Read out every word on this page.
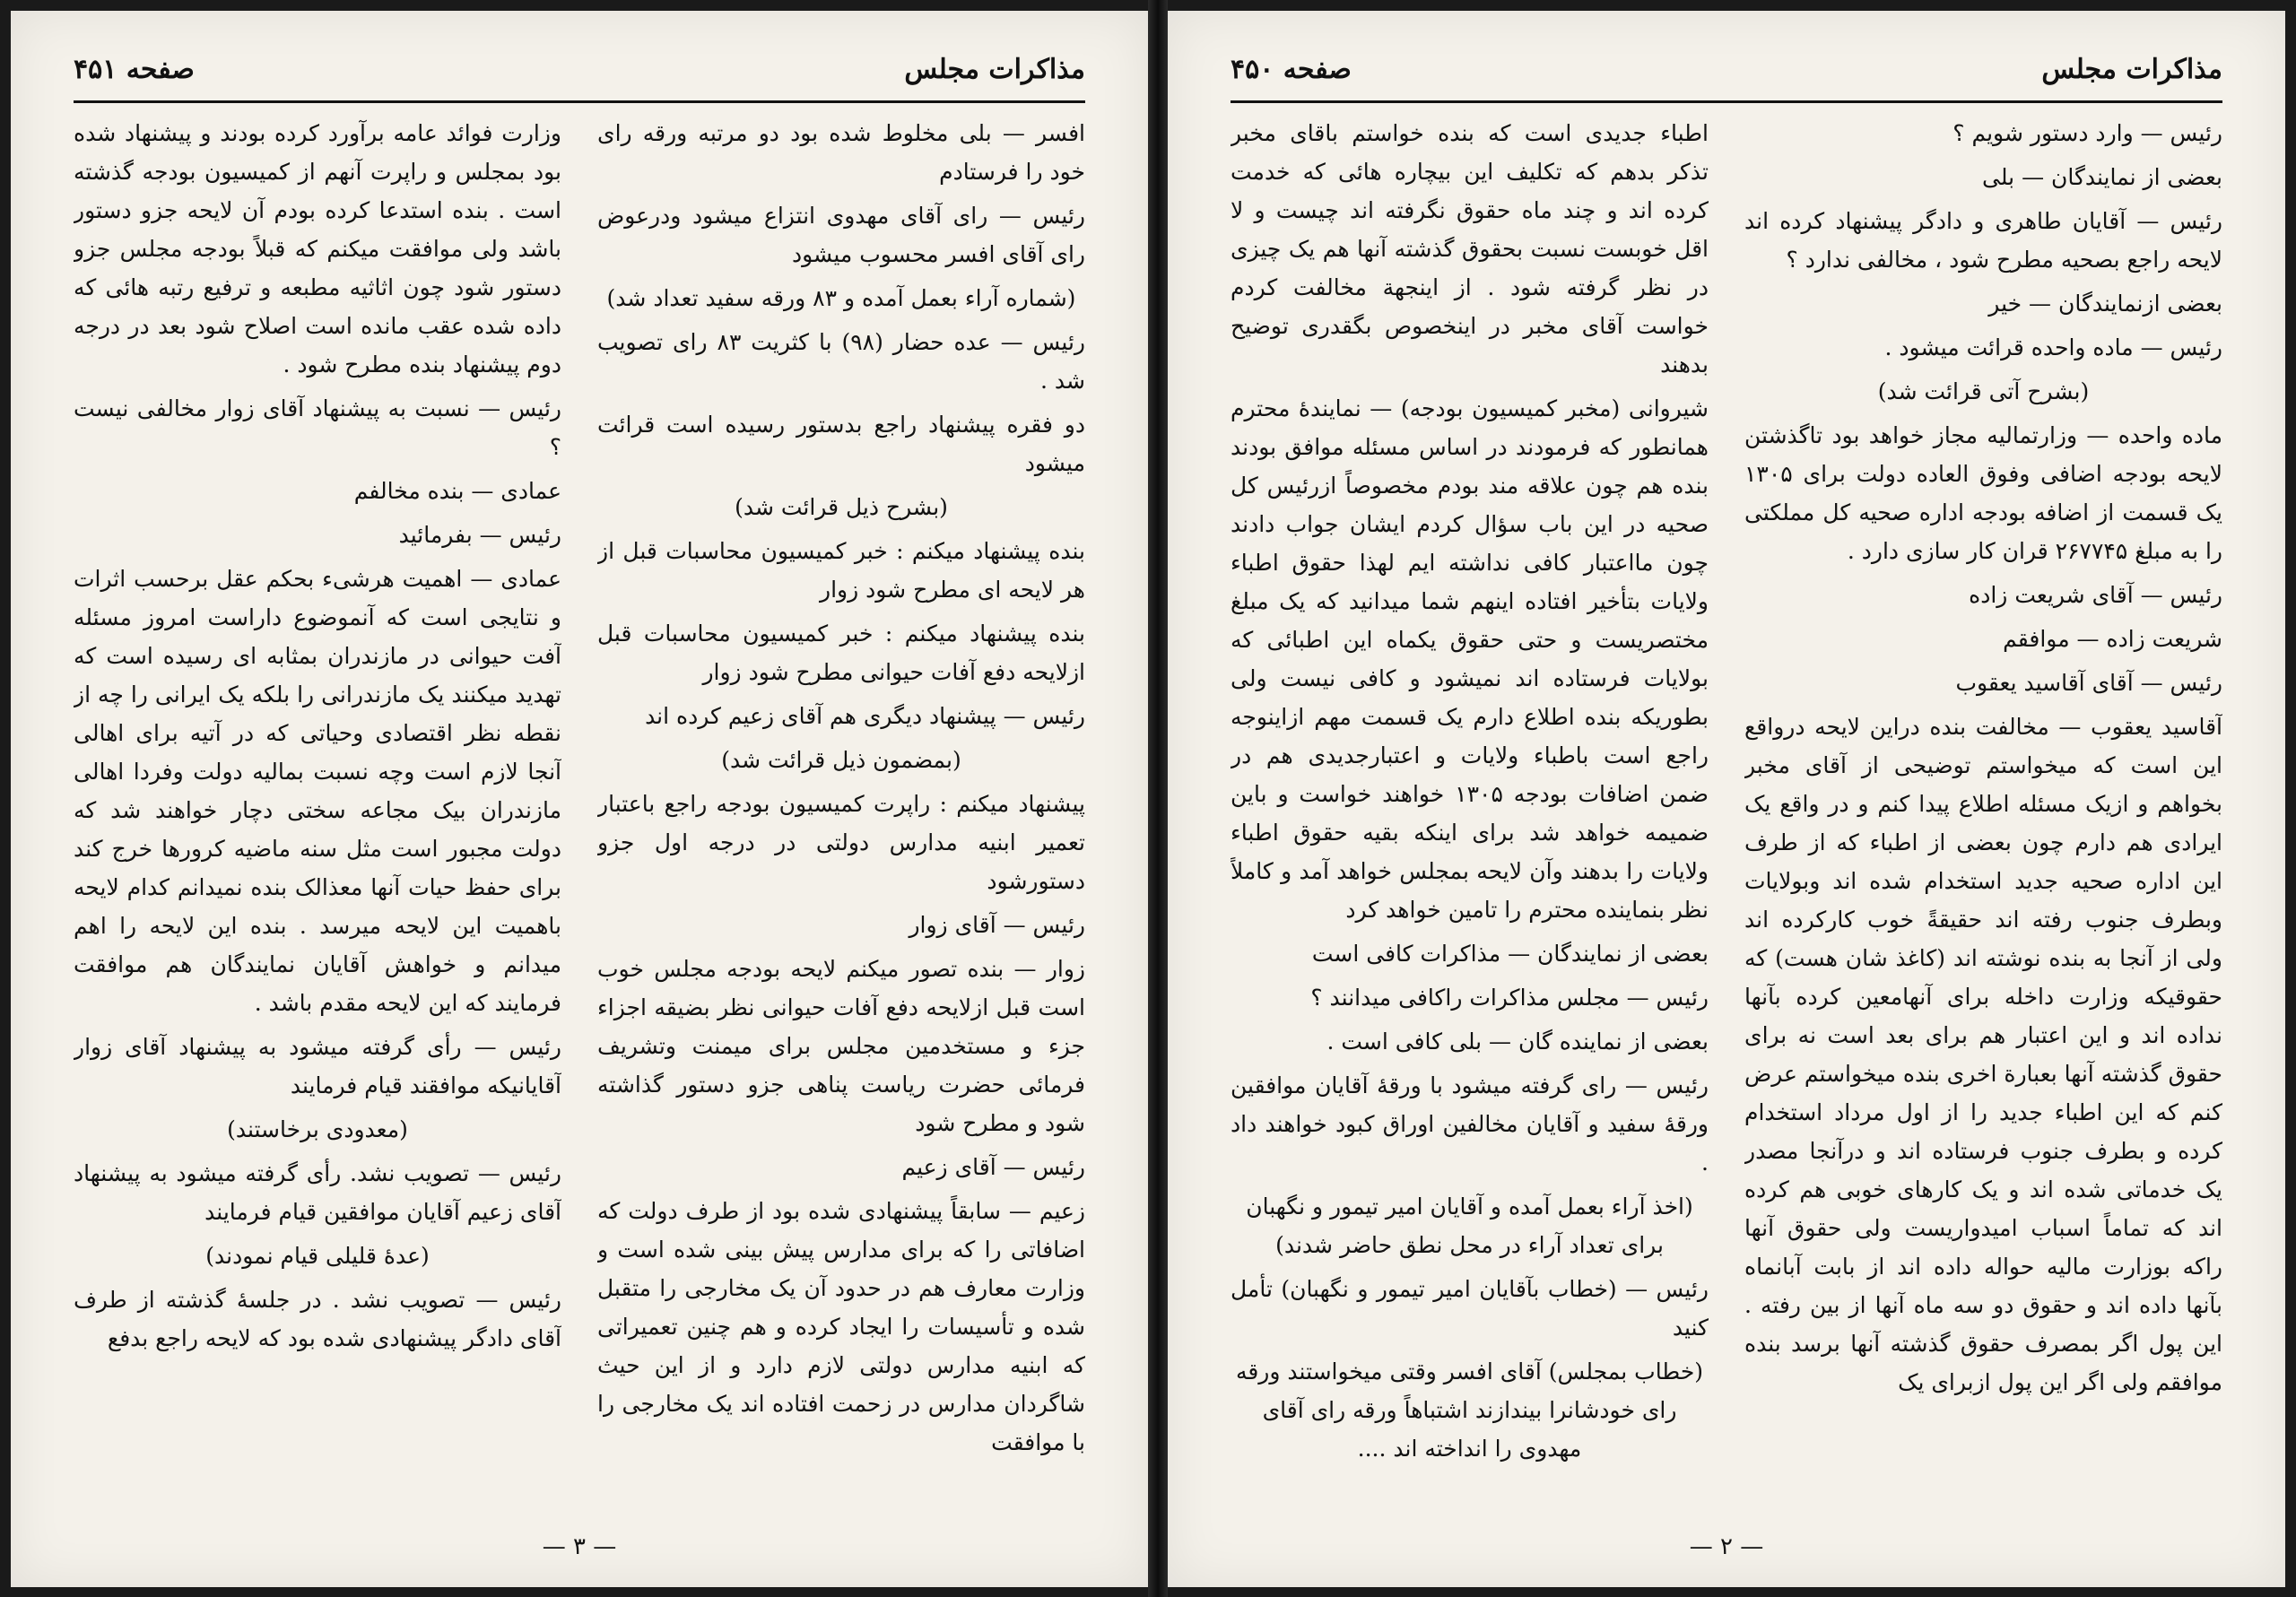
مذاکرات مجلس
صفحه ۴۵۱

افسر — بلی مخلوط شده بود دو مرتبه ورقه رای خود را فرستادم

رئیس — رای آقای مهدوی انتزاع میشود ودرعوض رای آقای افسر محسوب میشود

(شماره آراء بعمل آمده و ۸۳ ورقه سفید تعداد شد)

رئیس — عده حضار (۹۸) با کثریت ۸۳ رای تصویب شد .

دو فقره پیشنهاد راجع بدستور رسیده است قرائت میشود

(بشرح ذیل قرائت شد)

بنده پیشنهاد میکنم : خبر کمیسیون محاسبات قبل از هر لایحه ای مطرح شود زوار

بنده پیشنهاد میکنم : خبر کمیسیون محاسبات قبل ازلایحه دفع آفات حیوانی مطرح شود زوار

رئیس — پیشنهاد دیگری هم آقای زعیم کرده اند

(بمضمون ذیل قرائت شد)

پیشنهاد میکنم : راپرت کمیسیون بودجه راجع باعتبار تعمیر ابنیه مدارس دولتی در درجه اول جزو دستورشود

رئیس — آقای زوار

زوار — بنده تصور میکنم لایحه بودجه مجلس خوب است قبل ازلایحه دفع آفات حیوانی نظر بضیقه اجزاء جزء و مستخدمین مجلس برای میمنت وتشریف فرمائی حضرت ریاست پناهی جزو دستور گذاشته شود و مطرح شود

رئیس — آقای زعیم

زعیم — سابقاً پیشنهادی شده بود از طرف دولت که اضافاتی را که برای مدارس پیش بینی شده است و وزارت معارف هم در حدود آن یک مخارجی را متقبل شده و تأسیسات را ایجاد کرده و هم چنین تعمیراتی که ابنیه مدارس دولتی لازم دارد و از این حیث شاگردان مدارس در زحمت افتاده اند یک مخارجی را با موافقت

وزارت فوائد عامه برآورد کرده بودند و پیشنهاد شده بود بمجلس و راپرت آنهم از کمیسیون بودجه گذشته است . بنده استدعا کرده بودم آن لایحه جزو دستور باشد ولی موافقت میکنم که قبلاً بودجه مجلس جزو دستور شود چون اثاثیه مطبعه و ترفیع رتبه هائی که داده شده عقب مانده است اصلاح شود بعد در درجه دوم پیشنهاد بنده مطرح شود .

رئیس — نسبت به پیشنهاد آقای زوار مخالفی نیست ؟

عمادی — بنده مخالفم

رئیس — بفرمائید

عمادی — اهمیت هرشیء بحکم عقل برحسب اثرات و نتایجی است که آنموضوع داراست امروز مسئله آفت حیوانی در مازندران بمثابه ای رسیده است که تهدید میکنند یک مازندرانی را بلکه یک ایرانی را چه از نقطه نظر اقتصادی وحیاتی که در آتیه برای اهالی آنجا لازم است وچه نسبت بمالیه دولت وفردا اهالی مازندران بیک مجاعه سختی دچار خواهند شد که دولت مجبور است مثل سنه ماضیه کرورها خرج کند برای حفظ حیات آنها معذالک بنده نمیدانم کدام لایحه باهمیت این لایحه میرسد . بنده این لایحه را اهم میدانم و خواهش آقایان نمایندگان هم موافقت فرمایند که این لایحه مقدم باشد .

رئیس — رأی گرفته میشود به پیشنهاد آقای زوار آقایانیکه موافقند قیام فرمایند

(معدودی برخاستند)

رئیس — تصویب نشد. رأی گرفته میشود به پیشنهاد آقای زعیم آقایان موافقین قیام فرمایند

(عدهٔ قلیلی قیام نمودند)

رئیس — تصویب نشد . در جلسهٔ گذشته از طرف آقای دادگر پیشنهادی شده بود که لایحه راجع بدفع

— ٣ —
مذاکرات مجلس
صفحه ۴۵۰

رئیس — وارد دستور شویم ؟

بعضی از نمایندگان — بلی

رئیس — آقایان طاهری و دادگر پیشنهاد کرده اند لایحه راجع بصحیه مطرح شود ، مخالفی ندارد ؟

بعضی ازنمایندگان — خیر

رئیس — ماده واحده قرائت میشود .

(بشرح آتی قرائت شد)

ماده واحده — وزارتمالیه مجاز خواهد بود تاگذشتن لایحه بودجه اضافی وفوق العاده دولت برای ۱۳۰۵ یک قسمت از اضافه بودجه اداره صحیه کل مملکتی را به مبلغ ۲۶۷۷۴۵ قران کار سازی دارد .

رئیس — آقای شریعت زاده

شریعت زاده — موافقم

رئیس — آقای آقاسید یعقوب

آقاسید یعقوب — مخالفت بنده دراین لایحه درواقع این است که میخواستم توضیحی از آقای مخبر بخواهم و ازیک مسئله اطلاع پیدا کنم و در واقع یک ایرادی هم دارم چون بعضی از اطباء که از طرف این اداره صحیه جدید استخدام شده اند وبولایات وبطرف جنوب رفته اند حقیقةً خوب کارکرده اند ولی از آنجا به بنده نوشته اند (کاغذ شان هست) که حقوقیکه وزارت داخله برای آنهامعین کرده بآنها نداده اند و این اعتبار هم برای بعد است نه برای حقوق گذشته آنها بعبارة اخری بنده میخواستم عرض کنم که این اطباء جدید را از اول مرداد استخدام کرده و بطرف جنوب فرستاده اند و درآنجا مصدر یک خدماتی شده اند و یک کارهای خوبی هم کرده اند که تماماً اسباب امیدواریست ولی حقوق آنها راکه بوزارت مالیه حواله داده اند از بابت آبانماه بآنها داده اند و حقوق دو سه ماه آنها از بین رفته . این پول اگر بمصرف حقوق گذشته آنها برسد بنده موافقم ولی اگر این پول ازبرای یک

اطباء جدیدی است که بنده خواستم باقای مخبر تذکر بدهم که تکلیف این بیچاره هائی که خدمت کرده اند و چند ماه حقوق نگرفته اند چیست و لا اقل خوبست نسبت بحقوق گذشته آنها هم یک چیزی در نظر گرفته شود . از اینجهة مخالفت کردم خواست آقای مخبر در اینخصوص بگقدری توضیح بدهند

شیروانی (مخبر کمیسیون بودجه) — نمایندهٔ محترم همانطور که فرمودند در اساس مسئله موافق بودند بنده هم چون علاقه مند بودم مخصوصاً ازرئیس کل صحیه در این باب سؤال کردم ایشان جواب دادند چون مااعتبار کافی نداشته ایم لهذا حقوق اطباء ولایات بتأخیر افتاده اینهم شما میدانید که یک مبلغ مختصریست و حتی حقوق یکماه این اطبائی که بولایات فرستاده اند نمیشود و کافی نیست ولی بطوریکه بنده اطلاع دارم یک قسمت مهم ازاینوجه راجع است باطباء ولایات و اعتبارجدیدی هم در ضمن اضافات بودجه ۱۳۰۵ خواهند خواست و باین ضمیمه خواهد شد برای اینکه بقیه حقوق اطباء ولایات را بدهند وآن لایحه بمجلس خواهد آمد و کاملاً نظر بنماینده محترم را تامین خواهد کرد

بعضی از نمایندگان — مذاکرات کافی است

رئیس — مجلس مذاکرات راکافی میدانند ؟

بعضی از نماینده گان — بلی کافی است .

رئیس — رای گرفته میشود با ورقهٔ آقایان موافقین ورقهٔ سفید و آقایان مخالفین اوراق کبود خواهند داد .

(اخذ آراء بعمل آمده و آقایان امیر تیمور و نگهبان برای تعداد آراء در محل نطق حاضر شدند)

رئیس — (خطاب بآقایان امیر تیمور و نگهبان) تأمل کنید

(خطاب بمجلس) آقای افسر وقتی میخواستند ورقه رای خودشانرا بیندازند اشتباهاً ورقه رای آقای مهدوی را انداخته اند ....

— ٢ —
